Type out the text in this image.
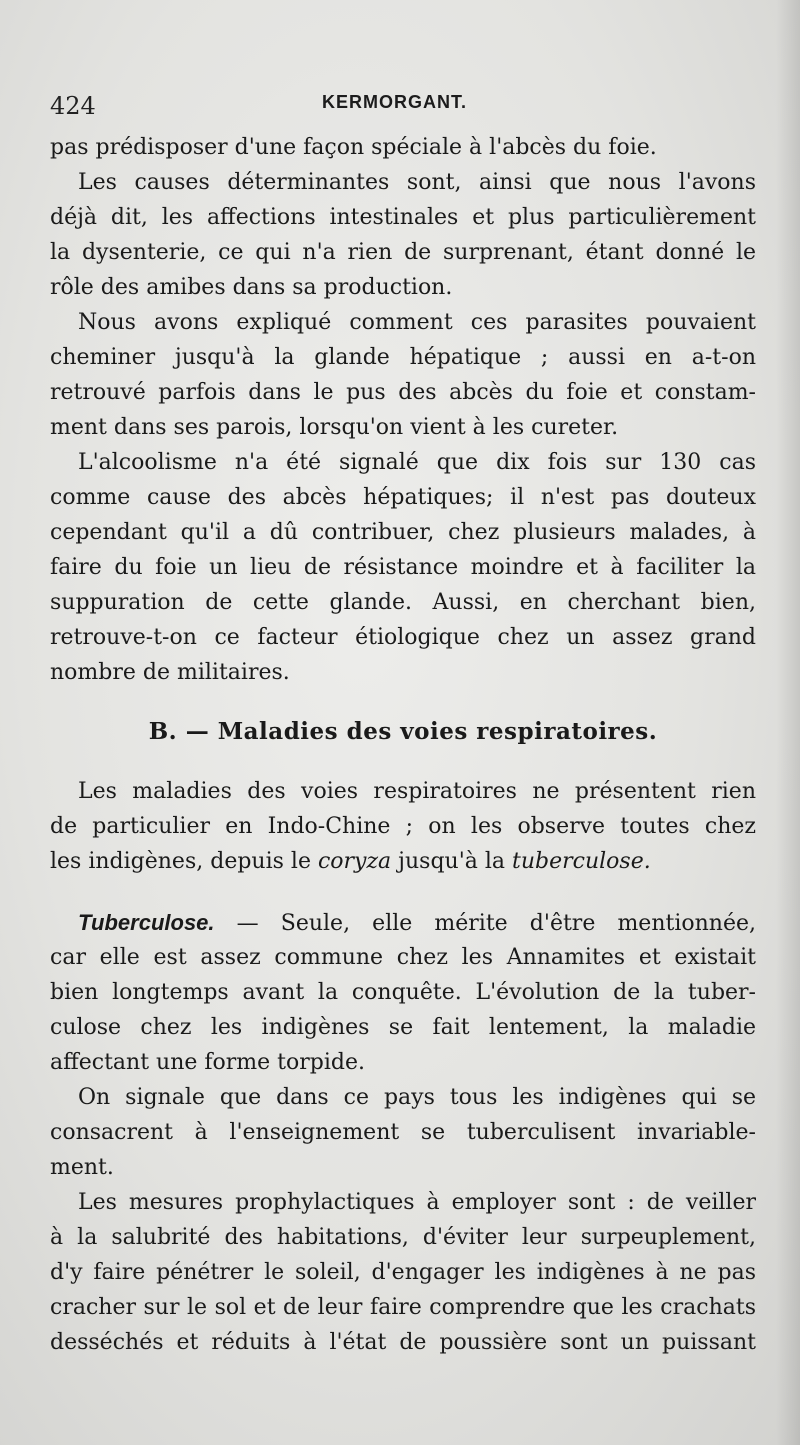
424	KERMORGANT.
pas prédisposer d'une façon spéciale à l'abcès du foie.
Les causes déterminantes sont, ainsi que nous l'avons
déjà dit, les affections intestinales et plus particulièrement
la dysenterie, ce qui n'a rien de surprenant, étant donné le
rôle des amibes dans sa production.
Nous avons expliqué comment ces parasites pouvaient
cheminer jusqu'à la glande hépatique ; aussi en a-t-on
retrouvé parfois dans le pus des abcès du foie et constam-
ment dans ses parois, lorsqu'on vient à les cureter.
L'alcoolisme n'a été signalé que dix fois sur 130 cas
comme cause des abcès hépatiques; il n'est pas douteux
cependant qu'il a dû contribuer, chez plusieurs malades, à
faire du foie un lieu de résistance moindre et à faciliter la
suppuration de cette glande. Aussi, en cherchant bien,
retrouve-t-on ce facteur étiologique chez un assez grand
nombre de militaires.
B. — Maladies des voies respiratoires.
Les maladies des voies respiratoires ne présentent rien
de particulier en Indo-Chine ; on les observe toutes chez
les indigènes, depuis le coryza jusqu'à la tuberculose.
Tuberculose. — Seule, elle mérite d'être mentionnée,
car elle est assez commune chez les Annamites et existait
bien longtemps avant la conquête. L'évolution de la tuber-
culose chez les indigènes se fait lentement, la maladie
affectant une forme torpide.
On signale que dans ce pays tous les indigènes qui se
consacrent à l'enseignement se tuberculisent invariable-
ment.
Les mesures prophylactiques à employer sont : de veiller
à la salubrité des habitations, d'éviter leur surpeuplement,
d'y faire pénétrer le soleil, d'engager les indigènes à ne pas
cracher sur le sol et de leur faire comprendre que les crachats
desséchés et réduits à l'état de poussière sont un puissant
